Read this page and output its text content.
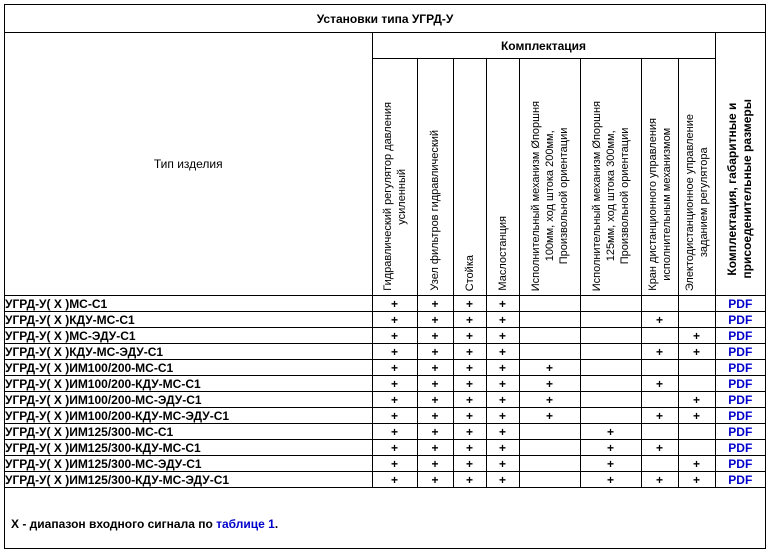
Установки типа УГРД-У									
Тип изделия	Комплектация								Комплектация, габаритные и
присоеденительные размеры

	Гидравлический регулятор давления усиленный	Узел фильтров гидравлический	Стойка	Маслостанция	Исполнительный механизм Øпоршня 100мм, ход штока 200мм, Произвольной ориентации	Исполнительный механизм Øпоршня 125мм, ход штока 300мм, Произвольной ориентации	Кран дистанционного управления исполнительным механизмом	Электодистанционное управление заданием регулятора	

УГРД-У( Х )МС-С1	+	+	+	+					PDF
УГРД-У( Х )КДУ-МС-С1	+	+	+	+			+		PDF
УГРД-У( Х )МС-ЭДУ-С1	+	+	+	+				+	PDF
УГРД-У( Х )КДУ-МС-ЭДУ-С1	+	+	+	+			+	+	PDF
УГРД-У( Х )ИМ100/200-МС-С1	+	+	+	+	+				PDF
УГРД-У( Х )ИМ100/200-КДУ-МС-С1	+	+	+	+	+		+		PDF
УГРД-У( Х )ИМ100/200-МС-ЭДУ-С1	+	+	+	+	+			+	PDF
УГРД-У( Х )ИМ100/200-КДУ-МС-ЭДУ-С1	+	+	+	+	+		+	+	PDF
УГРД-У( Х )ИМ125/300-МС-С1	+	+	+	+		+			PDF
УГРД-У( Х )ИМ125/300-КДУ-МС-С1	+	+	+	+		+	+		PDF
УГРД-У( Х )ИМ125/300-МС-ЭДУ-С1	+	+	+	+		+		+	PDF
УГРД-У( Х )ИМ125/300-КДУ-МС-ЭДУ-С1	+	+	+	+		+	+	+	PDF
Х - диапазон входного сигнала по таблице 1.
